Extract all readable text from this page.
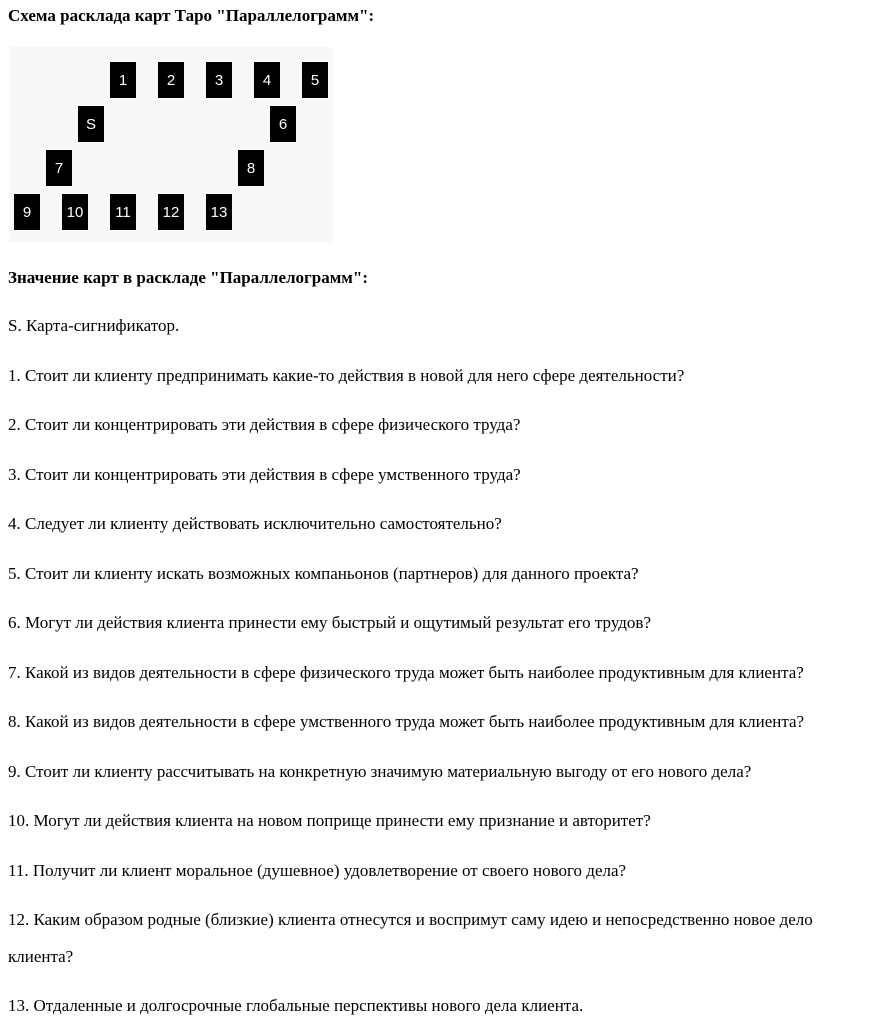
Схема расклада карт Таро "Параллелограмм":
1	2	3	4	5
S	6
7	8
9	10	11	12	13
Значение карт в раскладе "Параллелограмм":

S. Карта-сигнификатор.

1. Стоит ли клиенту предпринимать какие-то действия в новой для него сфере деятельности?

2. Стоит ли концентрировать эти действия в сфере физического труда?

3. Стоит ли концентрировать эти действия в сфере умственного труда?

4. Следует ли клиенту действовать исключительно самостоятельно?

5. Стоит ли клиенту искать возможных компаньонов (партнеров) для данного проекта?

6. Могут ли действия клиента принести ему быстрый и ощутимый результат его трудов?

7. Какой из видов деятельности в сфере физического труда может быть наиболее продуктивным для клиента?

8. Какой из видов деятельности в сфере умственного труда может быть наиболее продуктивным для клиента?

9. Стоит ли клиенту рассчитывать на конкретную значимую материальную выгоду от его нового дела?

10. Могут ли действия клиента на новом поприще принести ему признание и авторитет?

11. Получит ли клиент моральное (душевное) удовлетворение от своего нового дела?

12. Каким образом родные (близкие) клиента отнесутся и воспримут саму идею и непосредственно новое дело клиента?

13. Отдаленные и долгосрочные глобальные перспективы нового дела клиента.
